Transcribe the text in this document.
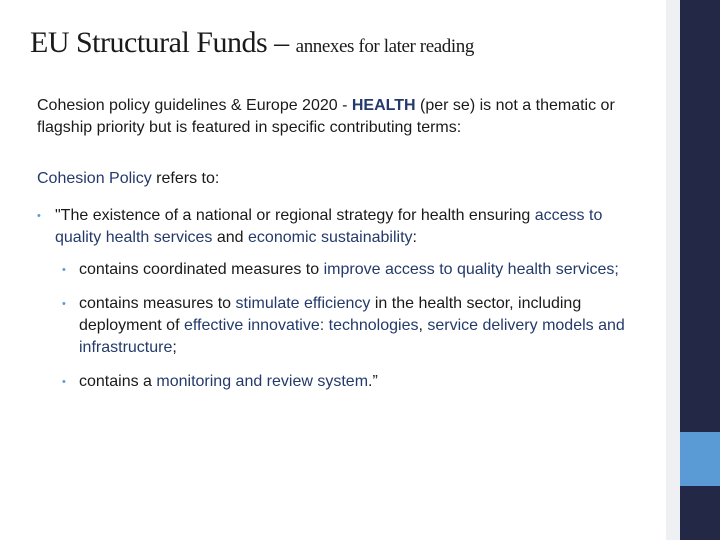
EU Structural Funds – annexes for later reading

Cohesion policy guidelines & Europe 2020 - HEALTH (per se) is not a thematic or flagship priority but is featured in specific contributing terms:

Cohesion Policy refers to:

• "The existence of a national or regional strategy for health ensuring access to quality health services and economic sustainability:

• contains coordinated measures to improve access to quality health services;

• contains measures to stimulate efficiency in the health sector, including deployment of effective innovative: technologies, service delivery models and infrastructure;

• contains a monitoring and review system.”
